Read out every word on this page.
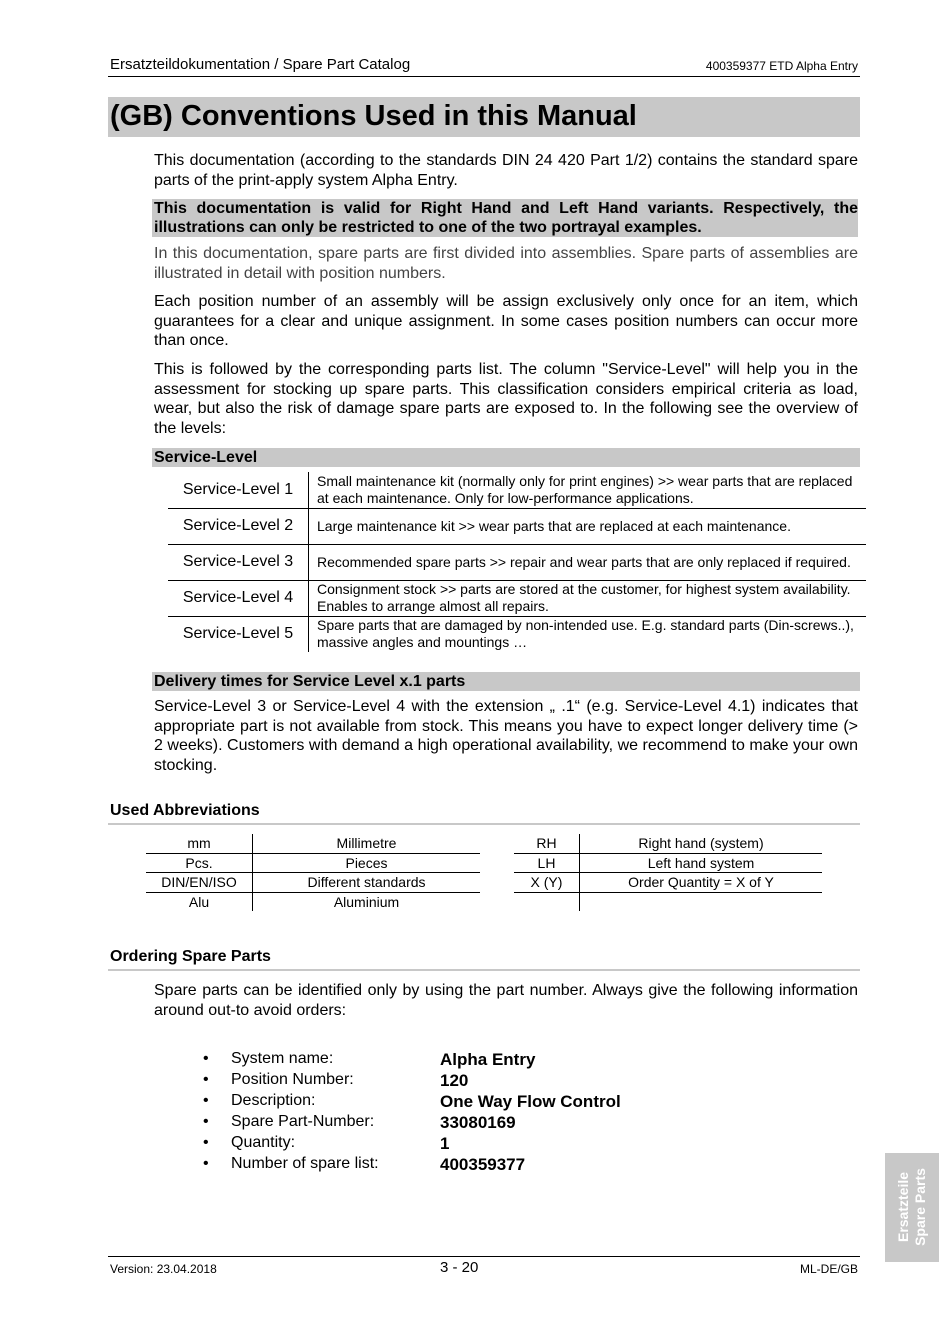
Ersatzteildokumentation / Spare Part Catalog	400359377 ETD Alpha Entry
(GB) Conventions Used in this Manual
This documentation (according to the standards DIN 24 420 Part 1/2) contains the standard spare parts of the print-apply system Alpha Entry.
This documentation is valid for Right Hand and Left Hand variants. Respectively, the illustrations can only be restricted to one of the two portrayal examples.
In this documentation, spare parts are first divided into assemblies. Spare parts of assemblies are illustrated in detail with position numbers.
Each position number of an assembly will be assign exclusively only once for an item, which guarantees for a clear and unique assignment. In some cases position numbers can occur more than once.
This is followed by the corresponding parts list. The column "Service-Level" will help you in the assessment for stocking up spare parts. This classification considers empirical criteria as load, wear, but also the risk of damage spare parts are exposed to. In the following see the overview of the levels:
Service-Level
Service-Level 1	Small maintenance kit (normally only for print engines) >> wear parts that are replaced at each maintenance. Only for low-performance applications.
Service-Level 2	Large maintenance kit >> wear parts that are replaced at each maintenance.
Service-Level 3	Recommended spare parts >> repair and wear parts that are only replaced if required.
Service-Level 4	Consignment stock >> parts are stored at the customer, for highest system availability. Enables to arrange almost all repairs.
Service-Level 5	Spare parts that are damaged by non-intended use. E.g. standard parts (Din-screws..), massive angles and mountings …
Delivery times for Service Level x.1 parts
Service-Level 3 or Service-Level 4 with the extension „ .1“ (e.g. Service-Level 4.1) indicates that appropriate part is not available from stock. This means you have to expect longer delivery time (> 2 weeks). Customers with demand a high operational availability, we recommend to make your own stocking.
Used Abbreviations
mm	Millimetre
Pcs.	Pieces
DIN/EN/ISO	Different standards
Alu	Aluminium
RH	Right hand (system)
LH	Left hand system
X (Y)	Order Quantity = X of Y

Ordering Spare Parts
Spare parts can be identified only by using the part number. Always give the following information around out-to avoid orders:
• System name:	Alpha Entry
• Position Number:	120
• Description:	One Way Flow Control
• Spare Part-Number:	33080169
• Quantity:	1
• Number of spare list:	400359377
Ersatzteile Spare Parts
Version: 23.04.2018	3 - 20	ML-DE/GB
